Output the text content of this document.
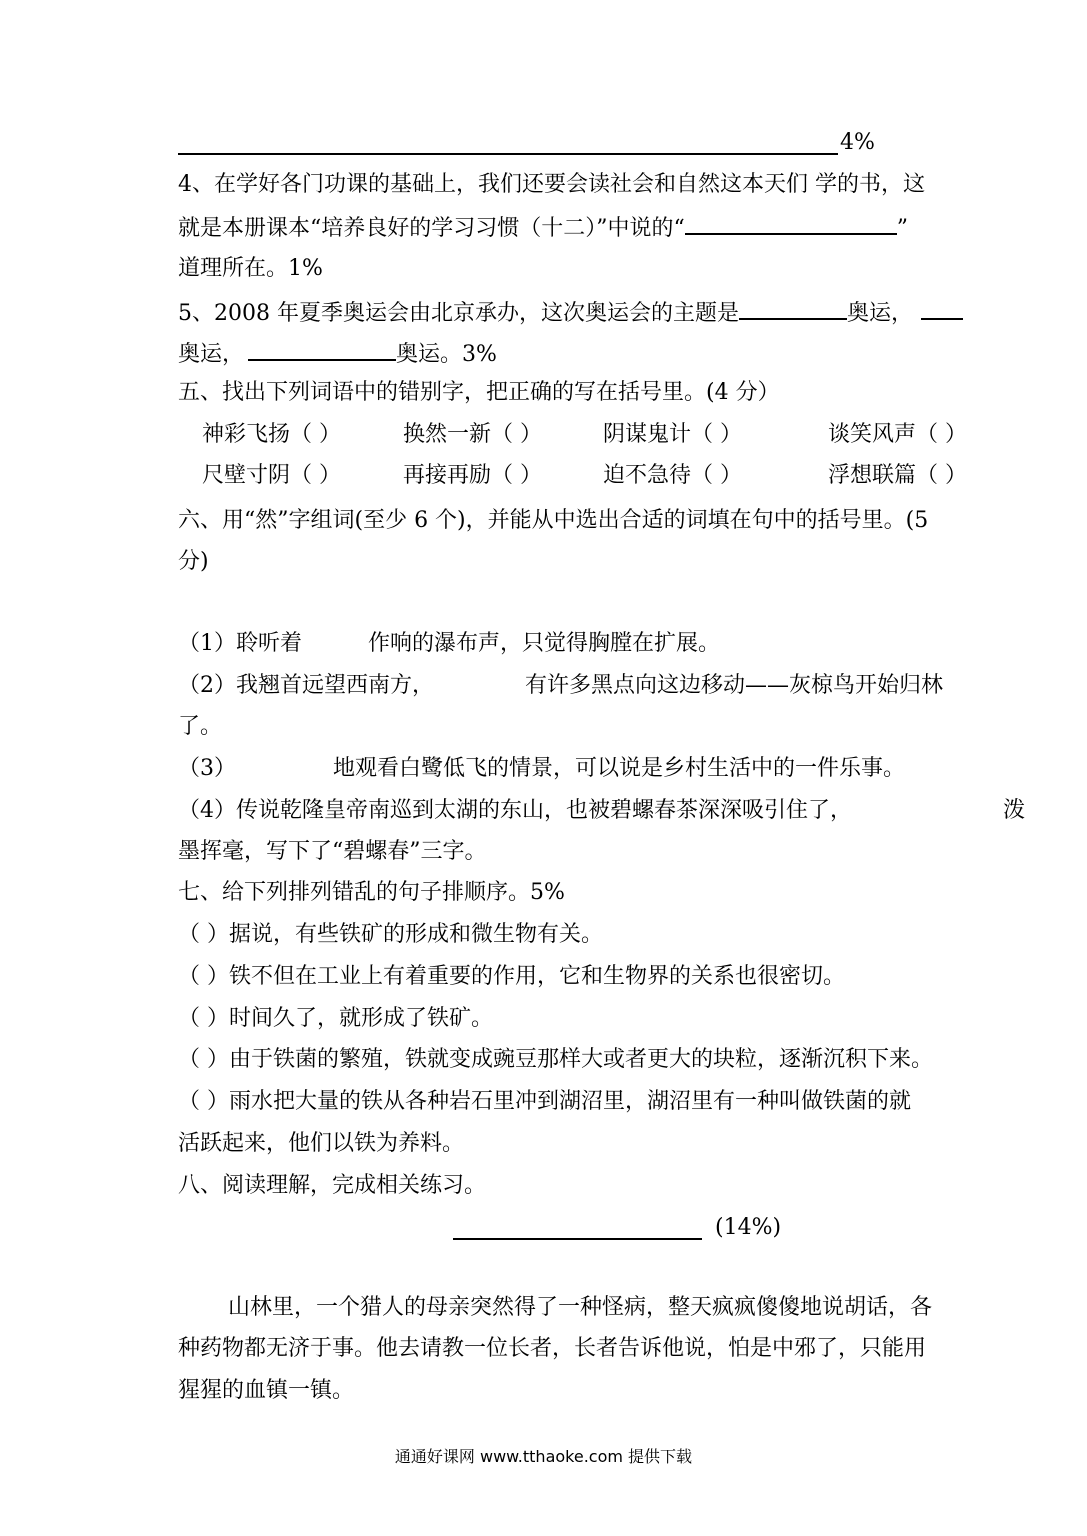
4%
4、在学好各门功课的基础上，我们还要会读社会和自然这本天们 学的书，这
就是本册课本“培养良好的学习习惯（十二）”中说的“	”
道理所在。1%
5、2008 年夏季奥运会由北京承办，这次奥运会的主题是	奥运，
奥运，	奥运。3%
五、找出下列词语中的错别字，把正确的写在括号里。(4 分）
神彩飞扬（ ）	换然一新（ ）	阴谋鬼计（ ）	谈笑风声（ ）
尺壁寸阴（ ）	再接再励（ ）	迫不急待（ ）	浮想联篇（ ）
六、用“然”字组词(至少 6 个)，并能从中选出合适的词填在句中的括号里。(5
分)
（1）聆听着	作响的瀑布声，只觉得胸膛在扩展。
（2）我翘首远望西南方，	有许多黑点向这边移动——灰椋鸟开始归林
了。
（3）	地观看白鹭低飞的情景，可以说是乡村生活中的一件乐事。
（4）传说乾隆皇帝南巡到太湖的东山，也被碧螺春茶深深吸引住了，	泼
墨挥毫，写下了“碧螺春”三字。
七、给下列排列错乱的句子排顺序。5%
（ ）据说，有些铁矿的形成和微生物有关。
（ ）铁不但在工业上有着重要的作用，它和生物界的关系也很密切。
（ ）时间久了，就形成了铁矿。
（ ）由于铁菌的繁殖，铁就变成豌豆那样大或者更大的块粒，逐渐沉积下来。
（ ）雨水把大量的铁从各种岩石里冲到湖沼里，湖沼里有一种叫做铁菌的就
活跃起来，他们以铁为养料。
八、阅读理解，完成相关练习。
(14%)
山林里，一个猎人的母亲突然得了一种怪病，整天疯疯傻傻地说胡话，各
种药物都无济于事。他去请教一位长者，长者告诉他说，怕是中邪了，只能用
猩猩的血镇一镇。
通通好课网 www.tthaoke.com 提供下载
